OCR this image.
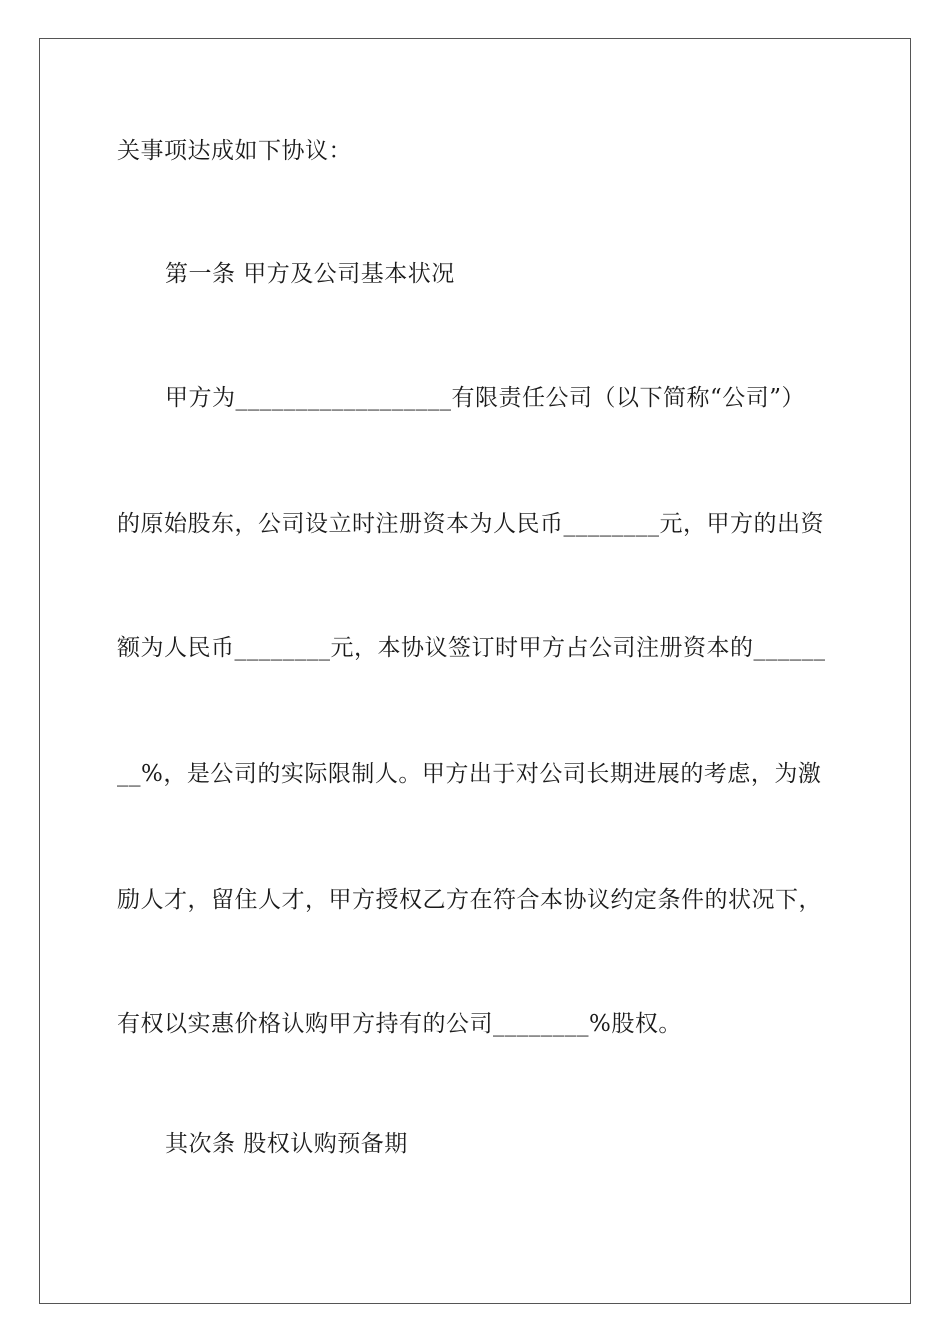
关事项达成如下协议：
第一条 甲方及公司基本状况
甲方为__________________有限责任公司（以下简称“公司”）
的原始股东，公司设立时注册资本为人民币________元，甲方的出资
额为人民币________元，本协议签订时甲方占公司注册资本的______
__%，是公司的实际限制人。甲方出于对公司长期进展的考虑，为激
励人才，留住人才，甲方授权乙方在符合本协议约定条件的状况下，
有权以实惠价格认购甲方持有的公司________%股权。
其次条 股权认购预备期
